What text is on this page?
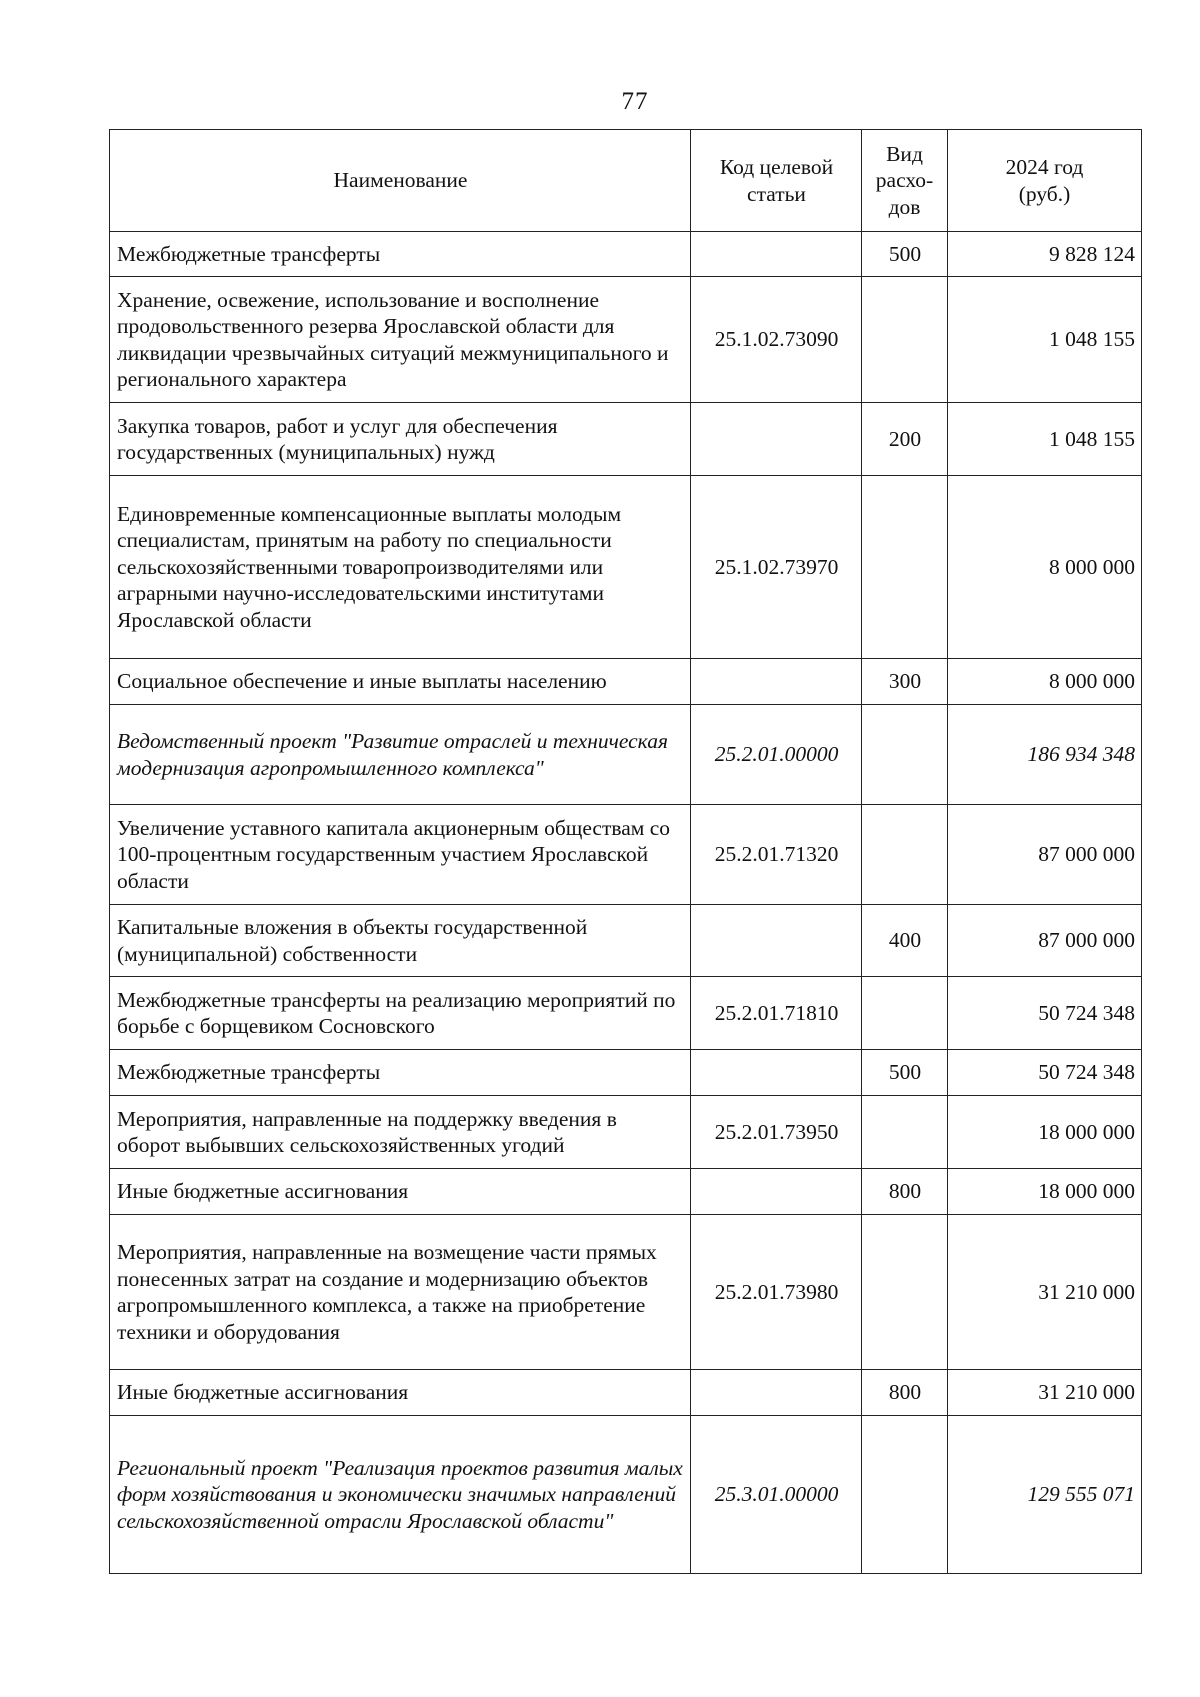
77
Наименование	Код целевой статьи	Вид расхо-дов	2024 год (руб.)
Межбюджетные трансферты		500	9 828 124
Хранение, освежение, использование и восполнение продовольственного резерва Ярославской области для ликвидации чрезвычайных ситуаций межмуниципального и регионального характера	25.1.02.73090		1 048 155
Закупка товаров, работ и услуг для обеспечения государственных (муниципальных) нужд		200	1 048 155
Единовременные компенсационные выплаты молодым специалистам, принятым на работу по специальности сельскохозяйственными товаропроизводителями или аграрными научно-исследовательскими институтами Ярославской области	25.1.02.73970		8 000 000
Социальное обеспечение и иные выплаты населению		300	8 000 000
Ведомственный проект "Развитие отраслей и техническая модернизация агропромышленного комплекса"	25.2.01.00000		186 934 348
Увеличение уставного капитала акционерным обществам со 100-процентным государственным участием Ярославской области	25.2.01.71320		87 000 000
Капитальные вложения в объекты государственной (муниципальной) собственности		400	87 000 000
Межбюджетные трансферты на реализацию мероприятий по борьбе с борщевиком Сосновского	25.2.01.71810		50 724 348
Межбюджетные трансферты		500	50 724 348
Мероприятия, направленные на поддержку введения в оборот выбывших сельскохозяйственных угодий	25.2.01.73950		18 000 000
Иные бюджетные ассигнования		800	18 000 000
Мероприятия, направленные на возмещение части прямых понесенных затрат на создание и модернизацию объектов агропромышленного комплекса, а также на приобретение техники и оборудования	25.2.01.73980		31 210 000
Иные бюджетные ассигнования		800	31 210 000
Региональный проект "Реализация проектов развития малых форм хозяйствования и экономически значимых направлений сельскохозяйственной отрасли Ярославской области"	25.3.01.00000		129 555 071
